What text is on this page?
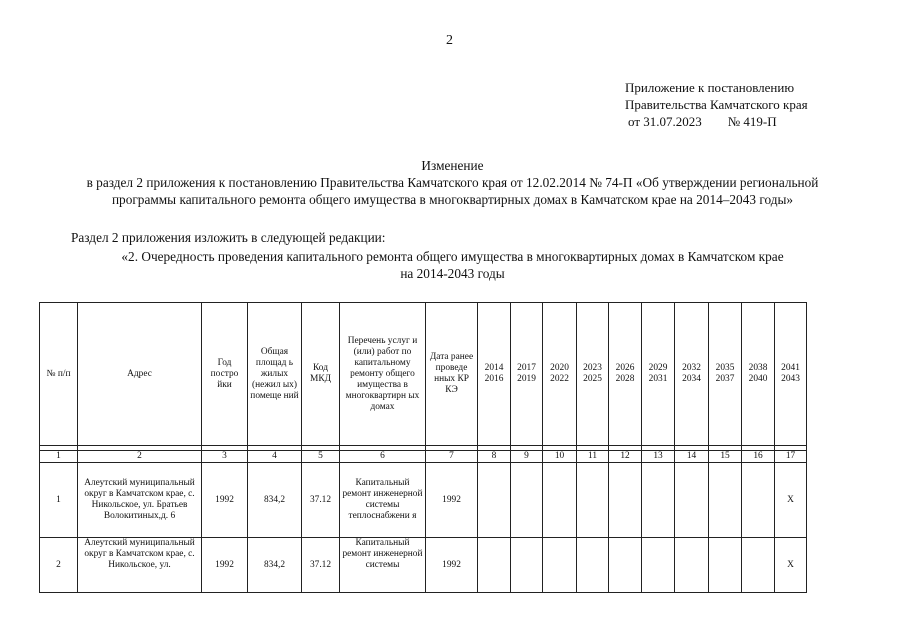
2
Приложение к постановлению
Правительства Камчатского края
от 31.07.2023 № 419-П
Изменение
в раздел 2 приложения к постановлению Правительства Камчатского края от 12.02.2014 № 74-П «Об утверждении региональной
программы капитального ремонта общего имущества в многоквартирных домах в Камчатском крае на 2014–2043 годы»
Раздел 2 приложения изложить в следующей редакции:
«2. Очередность проведения капитального ремонта общего имущества в многоквартирных домах в Камчатском крае
на 2014-2043 годы
№ п/п	Адрес	Год постро йки	Общая площад ь жилых (нежил ых) помеще ний	Код МКД	Перечень услуг и (или) работ по капитальному ремонту общего имущества в многоквартирн ых домах	Дата ранее проведе нных КР КЭ	2014 2016	2017 2019	2020 2022	2023 2025	2026 2028	2029 2031	2032 2034	2035 2037	2038 2040	2041 2043

1	2	3	4	5	6	7	8	9	10	11	12	13	14	15	16	17
1	Алеутский муниципальный округ в Камчатском крае, с. Никольское, ул. Братьев Волокитиных,д. 6	1992	834,2	37.12	Капитальный ремонт инженерной системы теплоснабжени я	1992										X
2	Алеутский муниципальный округ в Камчатском крае, с. Никольское, ул.	1992	834,2	37.12	Капитальный ремонт инженерной системы	1992										X
